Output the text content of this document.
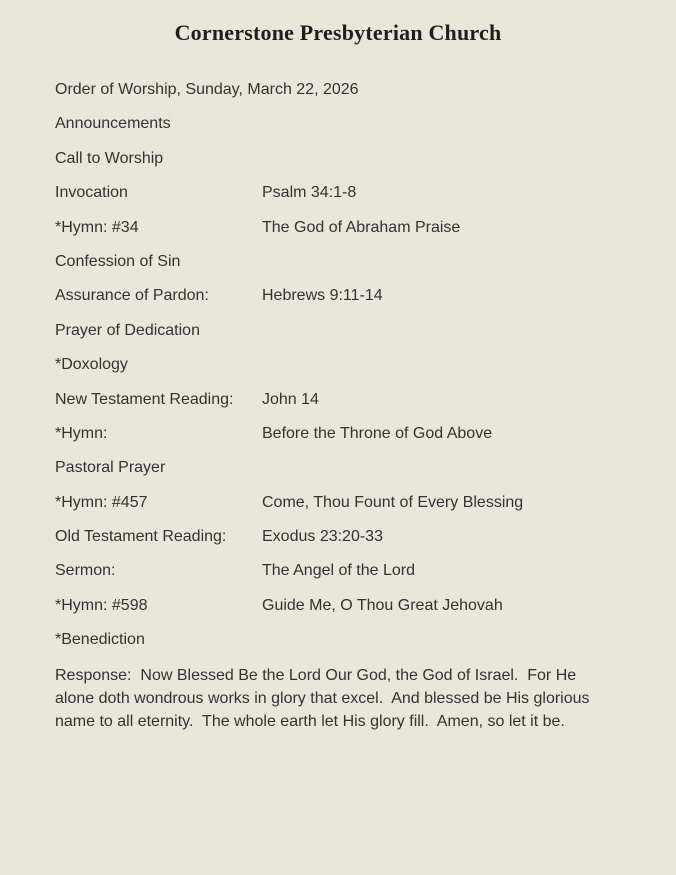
Cornerstone Presbyterian Church
Order of Worship, Sunday, March 22, 2026
Announcements
Call to Worship
Invocation	Psalm 34:1-8
*Hymn: #34	The God of Abraham Praise
Confession of Sin
Assurance of Pardon:	Hebrews 9:11-14
Prayer of Dedication
*Doxology
New Testament Reading:	John 14
*Hymn:	Before the Throne of God Above
Pastoral Prayer
*Hymn: #457	Come, Thou Fount of Every Blessing
Old Testament Reading:	Exodus 23:20-33
Sermon:	The Angel of the Lord
*Hymn: #598	Guide Me, O Thou Great Jehovah
*Benediction

Response:  Now Blessed Be the Lord Our God, the God of Israel.  For He alone doth wondrous works in glory that excel.  And blessed be His glorious name to all eternity.  The whole earth let His glory fill.  Amen, so let it be.
